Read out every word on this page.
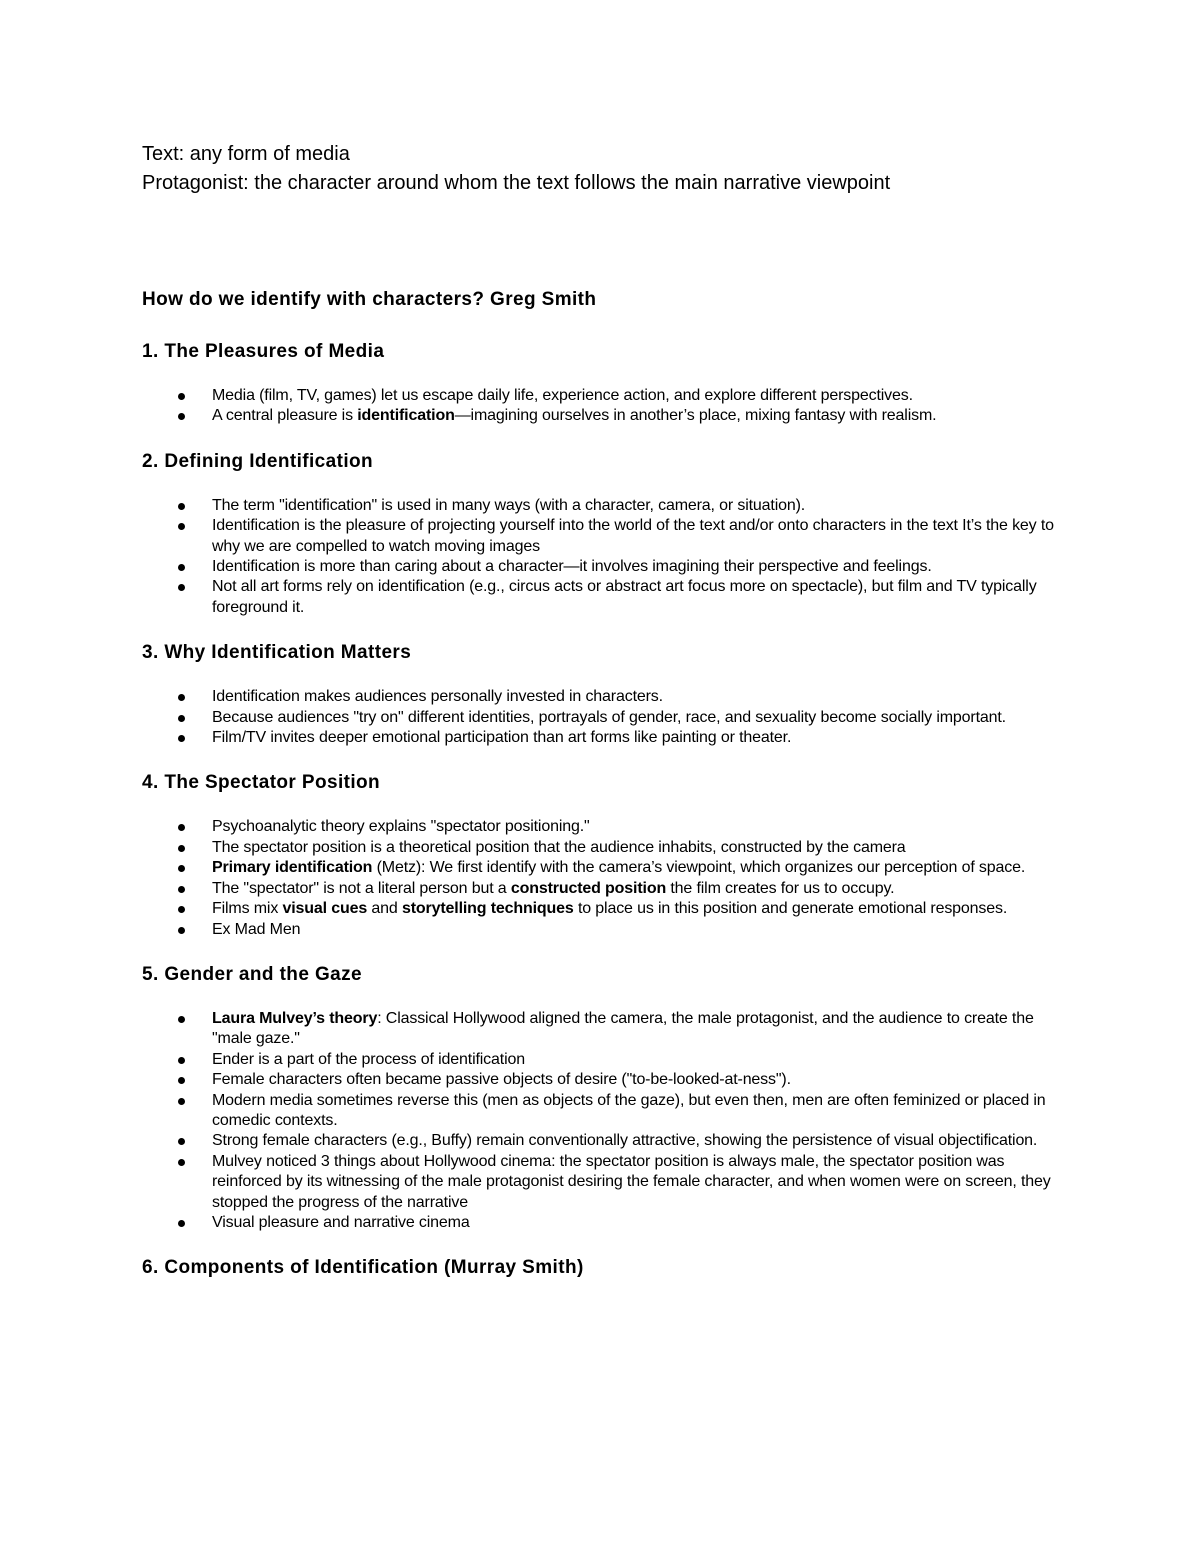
Text: any form of media
Protagonist: the character around whom the text follows the main narrative viewpoint
How do we identify with characters? Greg Smith
1. The Pleasures of Media
Media (film, TV, games) let us escape daily life, experience action, and explore different perspectives.
A central pleasure is identification—imagining ourselves in another’s place, mixing fantasy with realism.
2. Defining Identification
The term "identification" is used in many ways (with a character, camera, or situation).
Identification is the pleasure of projecting yourself into the world of the text and/or onto characters in the text It’s the key to why we are compelled to watch moving images
Identification is more than caring about a character—it involves imagining their perspective and feelings.
Not all art forms rely on identification (e.g., circus acts or abstract art focus more on spectacle), but film and TV typically foreground it.
3. Why Identification Matters
Identification makes audiences personally invested in characters.
Because audiences "try on" different identities, portrayals of gender, race, and sexuality become socially important.
Film/TV invites deeper emotional participation than art forms like painting or theater.
4. The Spectator Position
Psychoanalytic theory explains "spectator positioning."
The spectator position is a theoretical position that the audience inhabits, constructed by the camera
Primary identification (Metz): We first identify with the camera’s viewpoint, which organizes our perception of space.
The "spectator" is not a literal person but a constructed position the film creates for us to occupy.
Films mix visual cues and storytelling techniques to place us in this position and generate emotional responses.
Ex Mad Men
5. Gender and the Gaze
Laura Mulvey’s theory: Classical Hollywood aligned the camera, the male protagonist, and the audience to create the "male gaze."
Ender is a part of the process of identification
Female characters often became passive objects of desire ("to-be-looked-at-ness").
Modern media sometimes reverse this (men as objects of the gaze), but even then, men are often feminized or placed in comedic contexts.
Strong female characters (e.g., Buffy) remain conventionally attractive, showing the persistence of visual objectification.
Mulvey noticed 3 things about Hollywood cinema: the spectator position is always male, the spectator position was reinforced by its witnessing of the male protagonist desiring the female character, and when women were on screen, they stopped the progress of the narrative
Visual pleasure and narrative cinema
6. Components of Identification (Murray Smith)
